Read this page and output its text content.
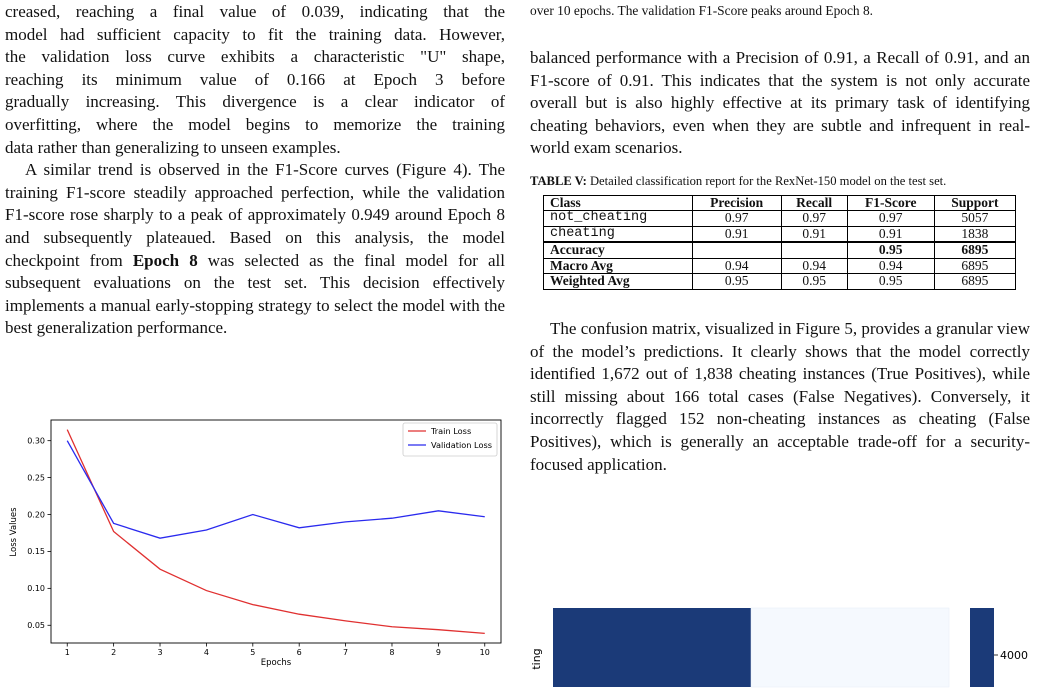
creased, reaching a final value of 0.039, indicating that the
model had sufficient capacity to fit the training data. However,
the validation loss curve exhibits a characteristic "U" shape,
reaching its minimum value of 0.166 at Epoch 3 before
gradually increasing. This divergence is a clear indicator of
overfitting, where the model begins to memorize the training
data rather than generalizing to unseen examples.

A similar trend is observed in the F1-Score curves (Figure 4). The training F1-score steadily approached perfection, while the validation F1-score rose sharply to a peak of approximately 0.949 around Epoch 8 and subsequently plateaued. Based on this analysis, the model checkpoint from Epoch 8 was selected as the final model for all subsequent evaluations on the test set. This decision effectively implements a manual early-stopping strategy to select the model with the best generalization performance.

0.05
0.10
0.15
0.20
0.25
0.30
1	2	3	4	5	6	7	8	9	10
Epochs
Loss Values
Train Loss
Validation Loss

over 10 epochs. The validation F1-Score peaks around Epoch 8.

balanced performance with a Precision of 0.91, a Recall of 0.91, and an F1-score of 0.91. This indicates that the system is not only accurate overall but is also highly effective at its primary task of identifying cheating behaviors, even when they are subtle and infrequent in real-world exam scenarios.

TABLE V: Detailed classification report for the RexNet-150 model on the test set.

Class	Precision	Recall	F1-Score	Support
not_cheating	0.97	0.97	0.97	5057
cheating	0.91	0.91	0.91	1838
Accuracy			0.95	6895
Macro Avg	0.94	0.94	0.94	6895
Weighted Avg	0.95	0.95	0.95	6895

The confusion matrix, visualized in Figure 5, provides a granular view of the model’s predictions. It clearly shows that the model correctly identified 1,672 out of 1,838 cheating instances (True Positives), while still missing about 166 total cases (False Negatives). Conversely, it incorrectly flagged 152 non-cheating instances as cheating (False Positives), which is generally an acceptable trade-off for a security-focused application.

4000
ting
